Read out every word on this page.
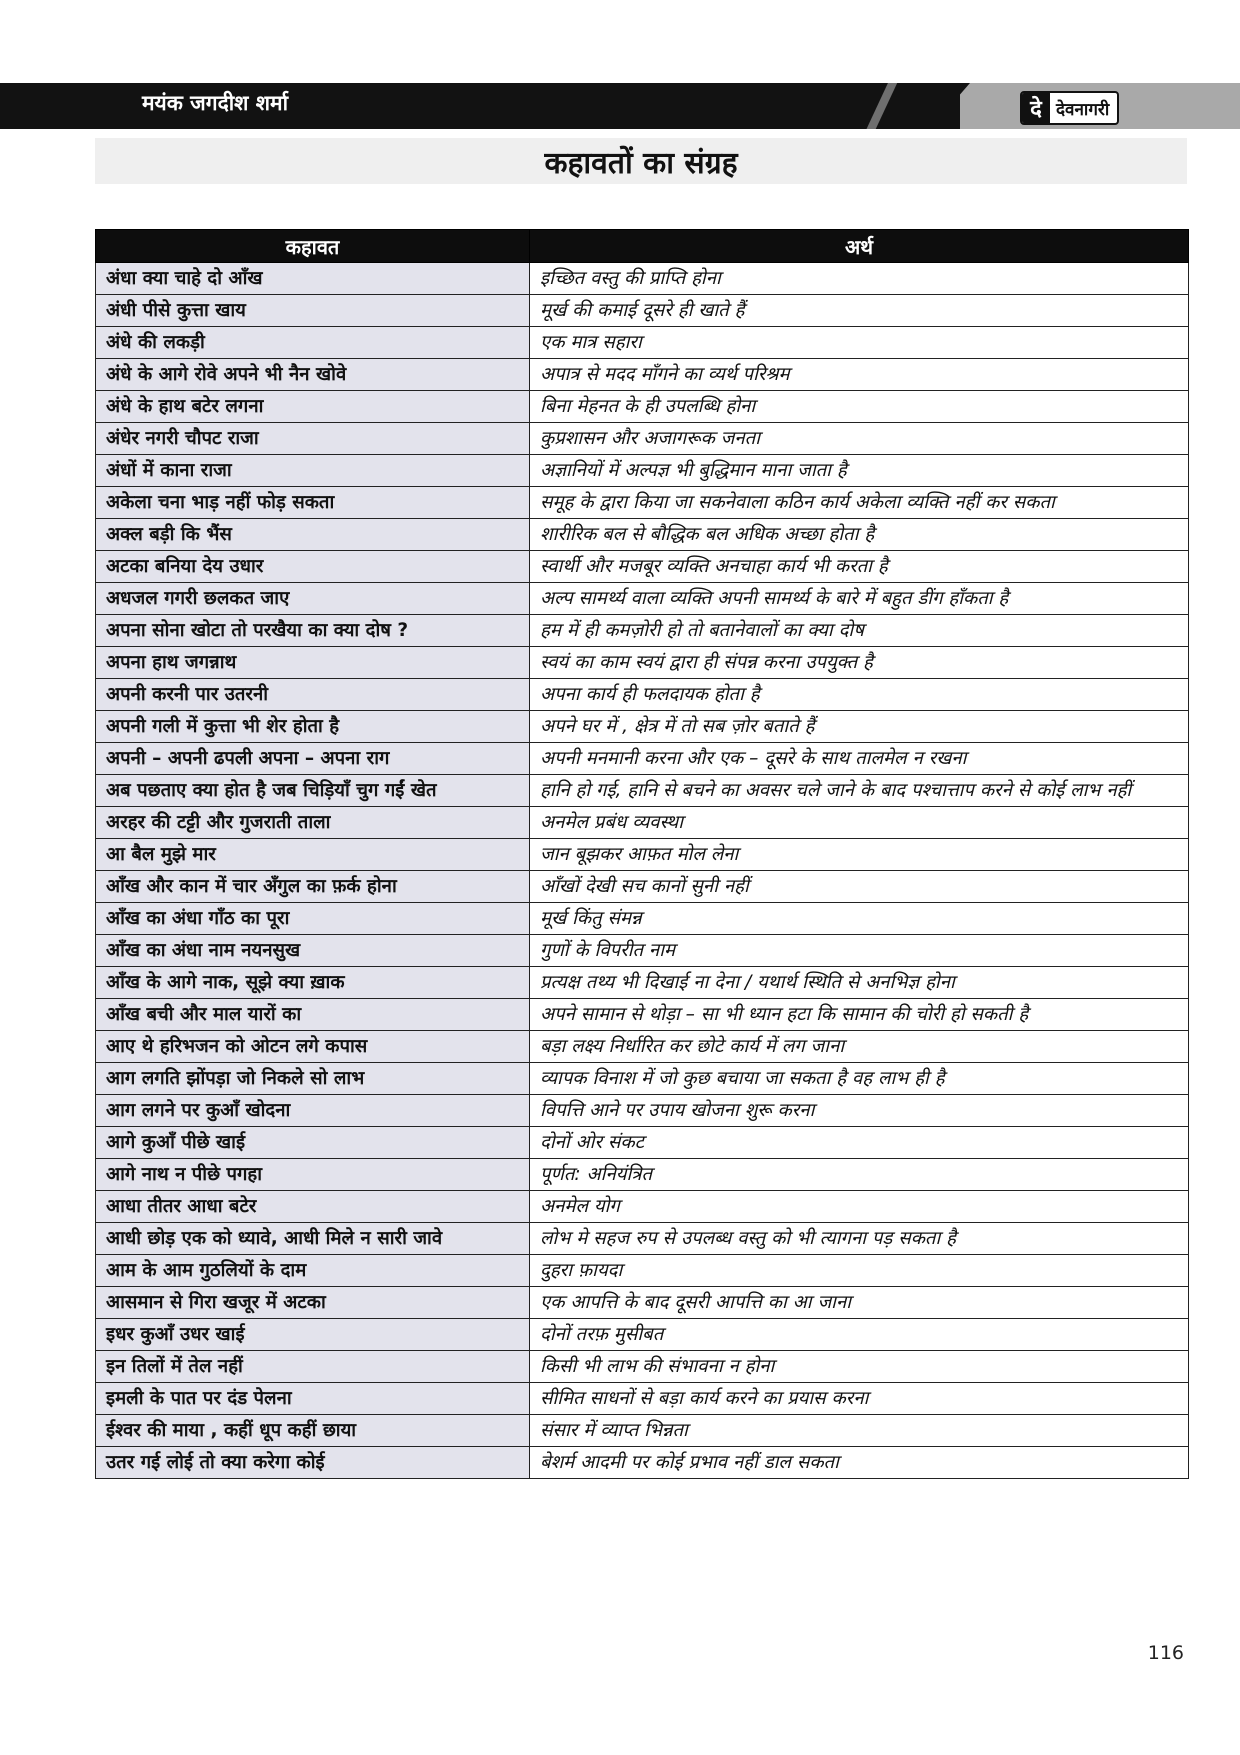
मयंक जगदीश शर्मा	दे देवनागरी
कहावतों का संग्रह
कहावत	अर्थ
अंधा क्या चाहे दो आँख	इच्छित वस्तु की प्राप्ति होना
अंधी पीसे कुत्ता खाय	मूर्ख की कमाई दूसरे ही खाते हैं
अंधे की लकड़ी	एक मात्र सहारा
अंधे के आगे रोवे अपने भी नैन खोवे	अपात्र से मदद माँगने का व्यर्थ परिश्रम
अंधे के हाथ बटेर लगना	बिना मेहनत के ही उपलब्धि होना
अंधेर नगरी चौपट राजा	कुप्रशासन और अजागरूक जनता
अंधों में काना राजा	अज्ञानियों में अल्पज्ञ भी बुद्धिमान माना जाता है
अकेला चना भाड़ नहीं फोड़ सकता	समूह के द्वारा किया जा सकनेवाला कठिन कार्य अकेला व्यक्ति नहीं कर सकता
अक्ल बड़ी कि भैंस	शारीरिक बल से बौद्धिक बल अधिक अच्छा होता है
अटका बनिया देय उधार	स्वार्थी और मजबूर व्यक्ति अनचाहा कार्य भी करता है
अधजल गगरी छलकत जाए	अल्प सामर्थ्य वाला व्यक्ति अपनी सामर्थ्य के बारे में बहुत डींग हाँकता है
अपना सोना खोटा तो परखैया का क्या दोष ?	हम में ही कमज़ोरी हो तो बतानेवालों का क्या दोष
अपना हाथ जगन्नाथ	स्वयं का काम स्वयं द्वारा ही संपन्न करना उपयुक्त है
अपनी करनी पार उतरनी	अपना कार्य ही फलदायक होता है
अपनी गली में कुत्ता भी शेर होता है	अपने घर में , क्षेत्र में तो सब ज़ोर बताते हैं
अपनी – अपनी ढपली अपना – अपना राग	अपनी मनमानी करना और एक – दूसरे के साथ तालमेल न रखना
अब पछताए क्या होत है जब चिड़ियाँ चुग गईं खेत	हानि हो गई, हानि से बचने का अवसर चले जाने के बाद पश्चात्ताप करने से कोई लाभ नहीं
अरहर की टट्टी और गुजराती ताला	अनमेल प्रबंध व्यवस्था
आ बैल मुझे मार	जान बूझकर आफ़त मोल लेना
आँख और कान में चार अँगुल का फ़र्क होना	आँखों देखी सच कानों सुनी नहीं
आँख का अंधा गाँठ का पूरा	मूर्ख किंतु संमन्न
आँख का अंधा नाम नयनसुख	गुणों के विपरीत नाम
आँख के आगे नाक, सूझे क्या ख़ाक	प्रत्यक्ष तथ्य भी दिखाई ना देना / यथार्थ स्थिति से अनभिज्ञ होना
आँख बची और माल यारों का	अपने सामान से थोड़ा – सा भी ध्यान हटा कि सामान की चोरी हो सकती है
आए थे हरिभजन को ओटन लगे कपास	बड़ा लक्ष्य निर्धारित कर छोटे कार्य में लग जाना
आग लगति झोंपड़ा जो निकले सो लाभ	व्यापक विनाश में जो कुछ बचाया जा सकता है वह लाभ ही है
आग लगने पर कुआँ खोदना	विपत्ति आने पर उपाय खोजना शुरू करना
आगे कुआँ पीछे खाई	दोनों ओर संकट
आगे नाथ न पीछे पगहा	पूर्णत: अनियंत्रित
आधा तीतर आधा बटेर	अनमेल योग
आधी छोड़ एक को ध्यावे, आधी मिले न सारी जावे	लोभ मे सहज रुप से उपलब्ध वस्तु को भी त्यागना पड़ सकता है
आम के आम गुठलियों के दाम	दुहरा फ़ायदा
आसमान से गिरा खजूर में अटका	एक आपत्ति के बाद दूसरी आपत्ति का आ जाना
इधर कुआँ उधर खाई	दोनों तरफ़ मुसीबत
इन तिलों में तेल नहीं	किसी भी लाभ की संभावना न होना
इमली के पात पर दंड पेलना	सीमित साधनों से बड़ा कार्य करने का प्रयास करना
ईश्वर की माया , कहीं धूप कहीं छाया	संसार में व्याप्त भिन्नता
उतर गई लोई तो क्या करेगा कोई	बेशर्म आदमी पर कोई प्रभाव नहीं डाल सकता
116
